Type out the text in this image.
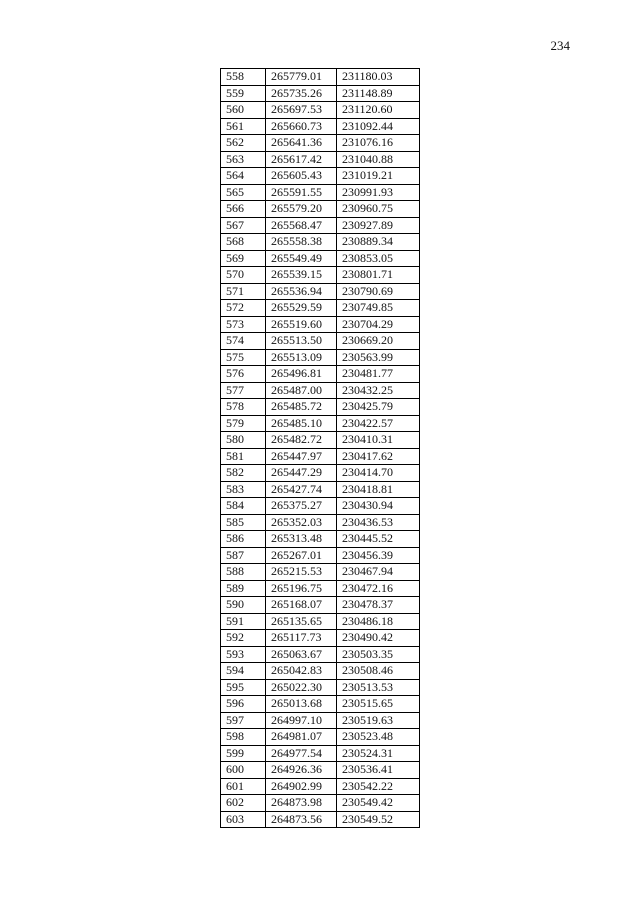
234
558	265779.01	231180.03
559	265735.26	231148.89
560	265697.53	231120.60
561	265660.73	231092.44
562	265641.36	231076.16
563	265617.42	231040.88
564	265605.43	231019.21
565	265591.55	230991.93
566	265579.20	230960.75
567	265568.47	230927.89
568	265558.38	230889.34
569	265549.49	230853.05
570	265539.15	230801.71
571	265536.94	230790.69
572	265529.59	230749.85
573	265519.60	230704.29
574	265513.50	230669.20
575	265513.09	230563.99
576	265496.81	230481.77
577	265487.00	230432.25
578	265485.72	230425.79
579	265485.10	230422.57
580	265482.72	230410.31
581	265447.97	230417.62
582	265447.29	230414.70
583	265427.74	230418.81
584	265375.27	230430.94
585	265352.03	230436.53
586	265313.48	230445.52
587	265267.01	230456.39
588	265215.53	230467.94
589	265196.75	230472.16
590	265168.07	230478.37
591	265135.65	230486.18
592	265117.73	230490.42
593	265063.67	230503.35
594	265042.83	230508.46
595	265022.30	230513.53
596	265013.68	230515.65
597	264997.10	230519.63
598	264981.07	230523.48
599	264977.54	230524.31
600	264926.36	230536.41
601	264902.99	230542.22
602	264873.98	230549.42
603	264873.56	230549.52
